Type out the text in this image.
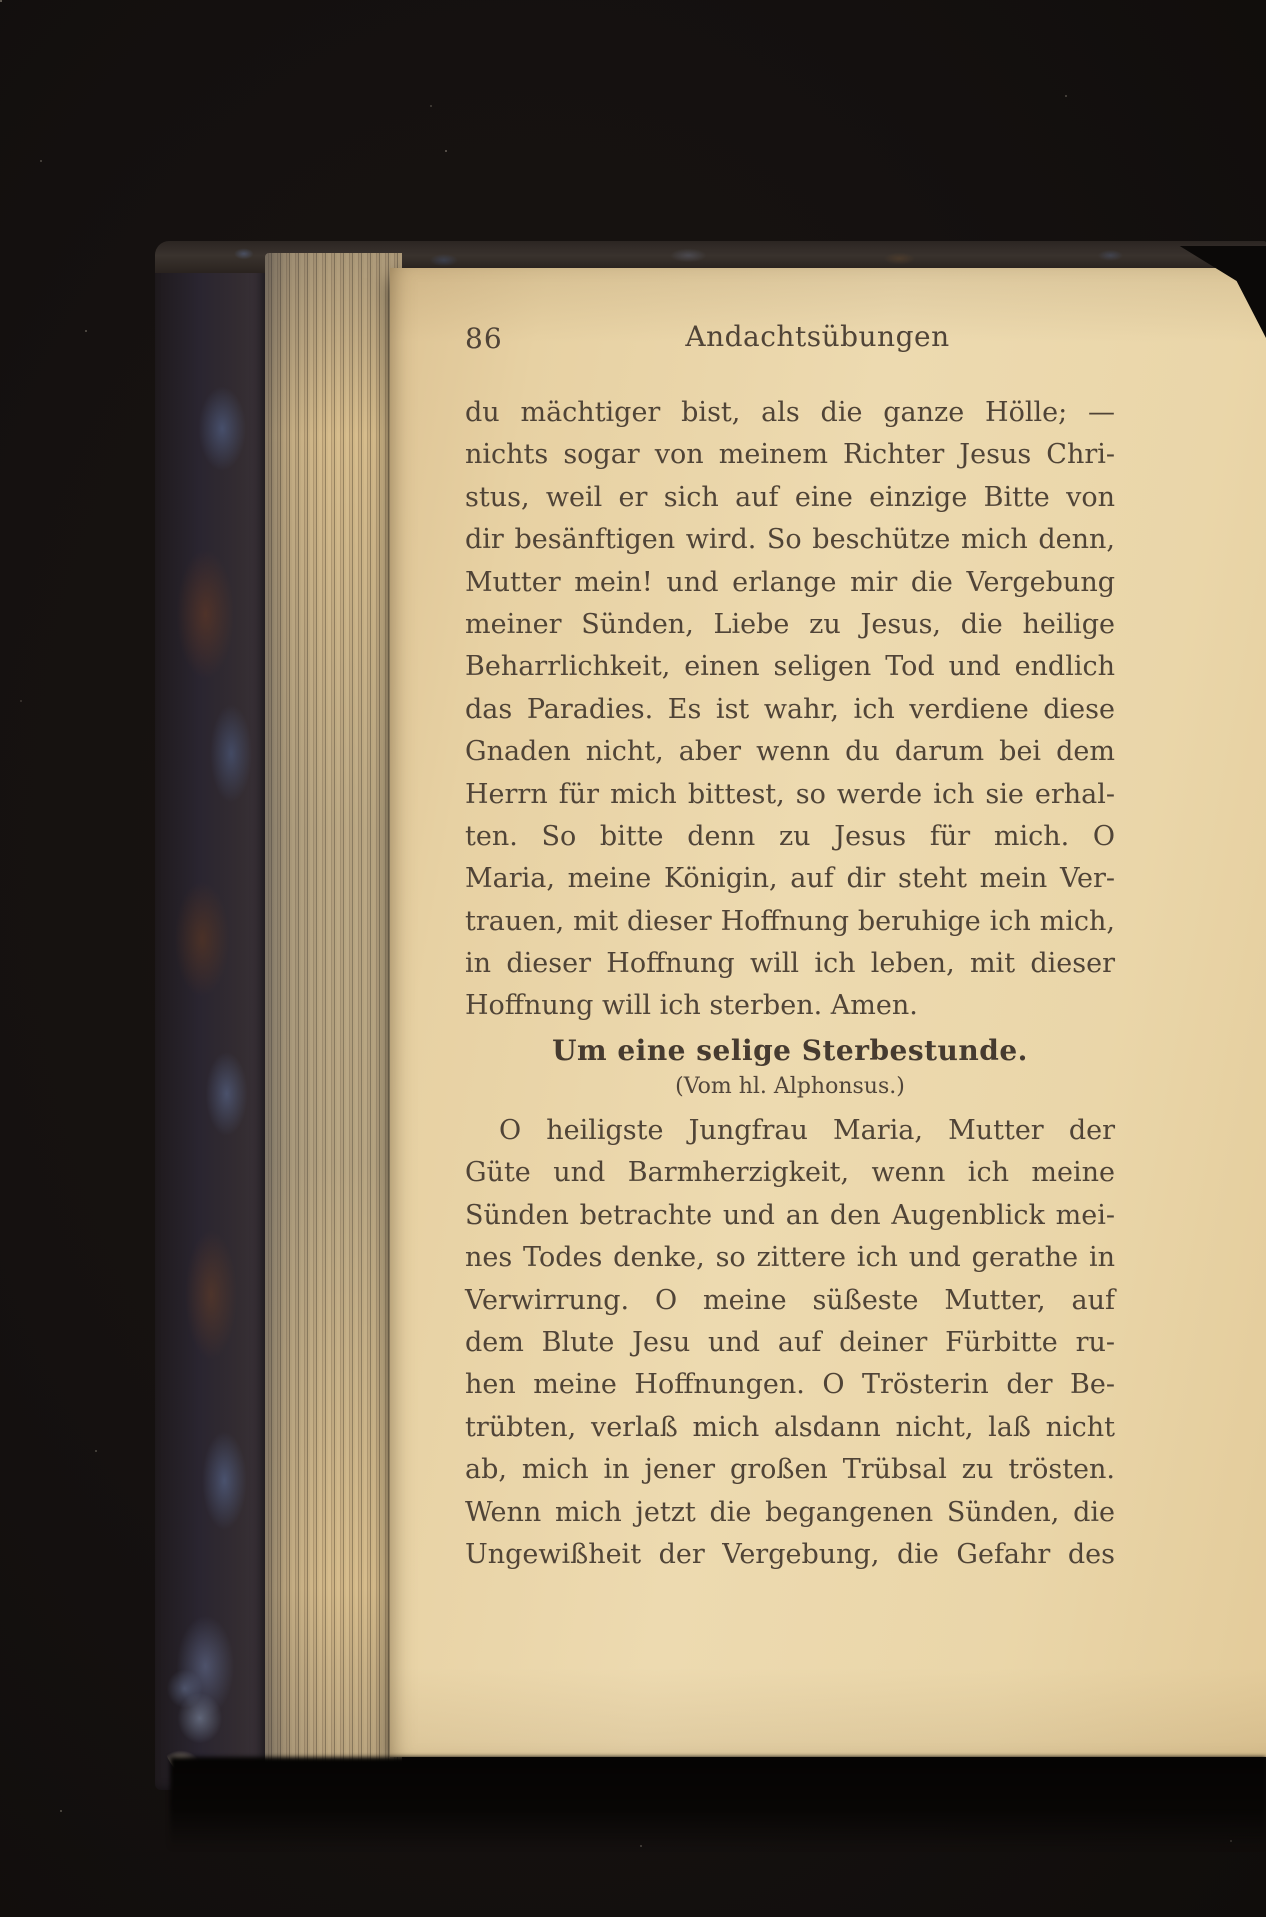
86	Andachtsübungen
du mächtiger bist, als die ganze Hölle; —
nichts sogar von meinem Richter Jesus Chri-
stus, weil er sich auf eine einzige Bitte von
dir besänftigen wird. So beschütze mich denn,
Mutter mein! und erlange mir die Vergebung
meiner Sünden, Liebe zu Jesus, die heilige
Beharrlichkeit, einen seligen Tod und endlich
das Paradies. Es ist wahr, ich verdiene diese
Gnaden nicht, aber wenn du darum bei dem
Herrn für mich bittest, so werde ich sie erhal-
ten. So bitte denn zu Jesus für mich. O
Maria, meine Königin, auf dir steht mein Ver-
trauen, mit dieser Hoffnung beruhige ich mich,
in dieser Hoffnung will ich leben, mit dieser
Hoffnung will ich sterben. Amen.
Um eine selige Sterbestunde.
(Vom hl. Alphonsus.)
O heiligste Jungfrau Maria, Mutter der
Güte und Barmherzigkeit, wenn ich meine
Sünden betrachte und an den Augenblick mei-
nes Todes denke, so zittere ich und gerathe in
Verwirrung. O meine süßeste Mutter, auf
dem Blute Jesu und auf deiner Fürbitte ru-
hen meine Hoffnungen. O Trösterin der Be-
trübten, verlaß mich alsdann nicht, laß nicht
ab, mich in jener großen Trübsal zu trösten.
Wenn mich jetzt die begangenen Sünden, die
Ungewißheit der Vergebung, die Gefahr des
